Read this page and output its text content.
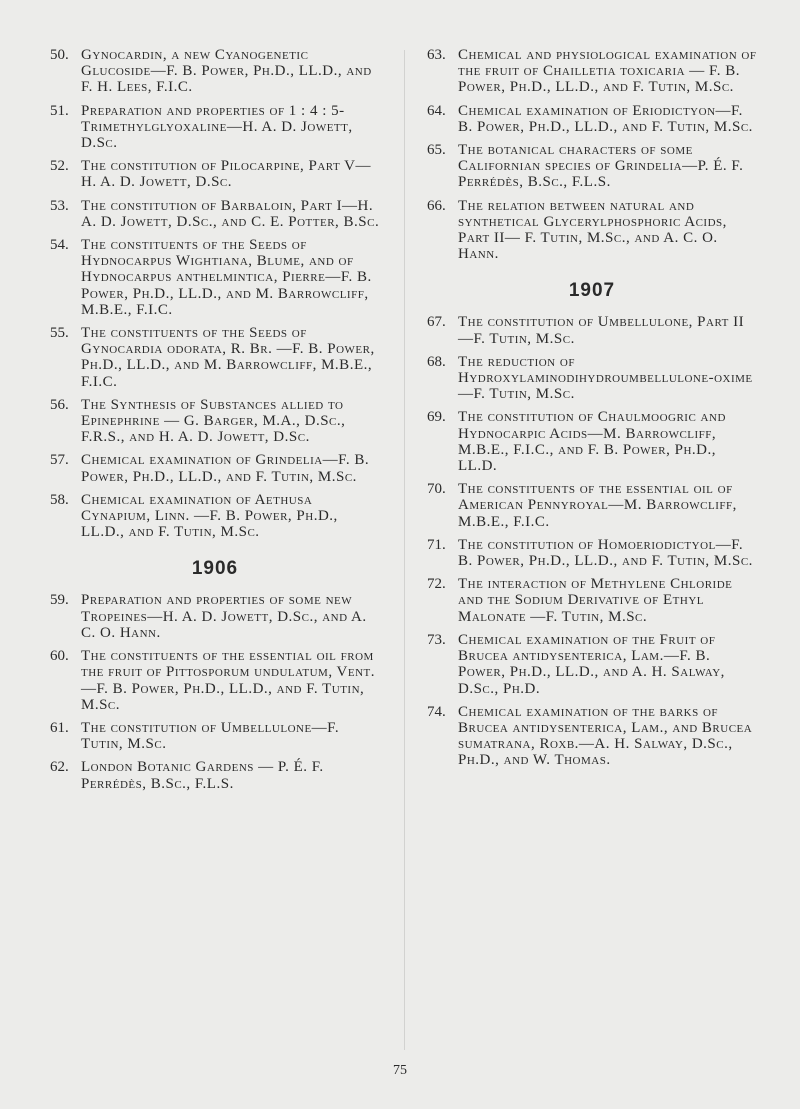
50. Gynocardin, a new Cyanogenetic Glucoside—F. B. Power, Ph.D., LL.D., and F. H. Lees, F.I.C.
51. Preparation and properties of 1 : 4 : 5-Trimethylglyoxaline—H. A. D. Jowett, D.Sc.
52. The constitution of Pilocarpine, Part V—H. A. D. Jowett, D.Sc.
53. The constitution of Barbaloin, Part I—H. A. D. Jowett, D.Sc., and C. E. Potter, B.Sc.
54. The constituents of the Seeds of Hydnocarpus Wightiana, Blume, and of Hydnocarpus anthelmintica, Pierre—F. B. Power, Ph.D., LL.D., and M. Barrowcliff, M.B.E., F.I.C.
55. The constituents of the Seeds of Gynocardia odorata, R. Br. —F. B. Power, Ph.D., LL.D., and M. Barrowcliff, M.B.E., F.I.C.
56. The Synthesis of Substances allied to Epinephrine — G. Barger, M.A., D.Sc., F.R.S., and H. A. D. Jowett, D.Sc.
57. Chemical examination of Grindelia—F. B. Power, Ph.D., LL.D., and F. Tutin, M.Sc.
58. Chemical examination of Aethusa Cynapium, Linn. —F. B. Power, Ph.D., LL.D., and F. Tutin, M.Sc.
1906
59. Preparation and properties of some new Tropeines—H. A. D. Jowett, D.Sc., and A. C. O. Hann.
60. The constituents of the essential oil from the fruit of Pittosporum undulatum, Vent. —F. B. Power, Ph.D., LL.D., and F. Tutin, M.Sc.
61. The constitution of Umbellulone—F. Tutin, M.Sc.
62. London Botanic Gardens — P. É. F. Perrédès, B.Sc., F.L.S.
63. Chemical and physiological examination of the fruit of Chailletia toxicaria — F. B. Power, Ph.D., LL.D., and F. Tutin, M.Sc.
64. Chemical examination of Eriodictyon—F. B. Power, Ph.D., LL.D., and F. Tutin, M.Sc.
65. The botanical characters of some Californian species of Grindelia—P. É. F. Perrédès, B.Sc., F.L.S.
66. The relation between natural and synthetical Glycerylphosphoric Acids, Part II— F. Tutin, M.Sc., and A. C. O. Hann.
1907
67. The constitution of Umbellulone, Part II—F. Tutin, M.Sc.
68. The reduction of Hydroxylaminodihydroumbellulone-oxime—F. Tutin, M.Sc.
69. The constitution of Chaulmoogric and Hydnocarpic Acids—M. Barrowcliff, M.B.E., F.I.C., and F. B. Power, Ph.D., LL.D.
70. The constituents of the essential oil of American Pennyroyal—M. Barrowcliff, M.B.E., F.I.C.
71. The constitution of Homoeriodictyol—F. B. Power, Ph.D., LL.D., and F. Tutin, M.Sc.
72. The interaction of Methylene Chloride and the Sodium Derivative of Ethyl Malonate —F. Tutin, M.Sc.
73. Chemical examination of the Fruit of Brucea antidysenterica, Lam.—F. B. Power, Ph.D., LL.D., and A. H. Salway, D.Sc., Ph.D.
74. Chemical examination of the barks of Brucea antidysenterica, Lam., and Brucea sumatrana, Roxb.—A. H. Salway, D.Sc., Ph.D., and W. Thomas.
75
